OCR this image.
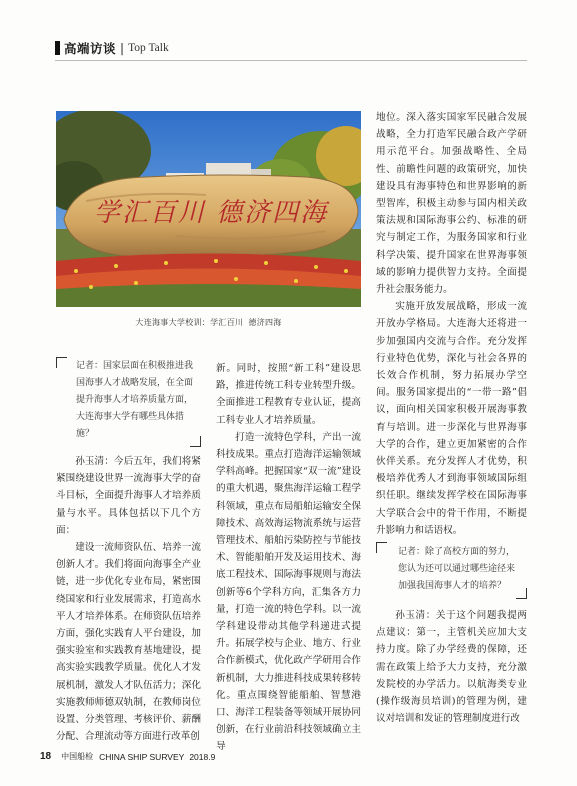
高端访谈 | Top Talk
学汇百川 德济四海
大连海事大学校训：学汇百川 德济四海
记者：国家层面在积极推进我国海事人才战略发展，在全面提升海事人才培养质量方面，大连海事大学有哪些具体措施？

孙玉清：今后五年，我们将紧紧围绕建设世界一流海事大学的奋斗目标，全面提升海事人才培养质量与水平。具体包括以下几个方面：

建设一流师资队伍、培养一流创新人才。我们将面向海事全产业链，进一步优化专业布局，紧密围绕国家和行业发展需求，打造高水平人才培养体系。在师资队伍培养方面，强化实践育人平台建设，加强实验室和实践教育基地建设，提高实验实践教学质量。优化人才发展机制，激发人才队伍活力；深化实施教师师德双轨制，在教师岗位设置、分类管理、考核评价、薪酬分配、合理流动等方面进行改革创

新。同时，按照“新工科”建设思路，推进传统工科专业转型升级。全面推进工程教育专业认证，提高工科专业人才培养质量。

打造一流特色学科，产出一流科技成果。重点打造海洋运输领域学科高峰。把握国家“双一流”建设的重大机遇，聚焦海洋运输工程学科领域，重点布局船舶运输安全保障技术、高效海运物流系统与运营管理技术、船舶污染防控与节能技术、智能船舶开发及运用技术、海底工程技术、国际海事规则与海法创新等6个学科方向，汇集各方力量，打造一流的特色学科。以一流学科建设带动其他学科递进式提升。拓展学校与企业、地方、行业合作新模式，优化政产学研用合作新机制，大力推进科技成果转移转化。重点围绕智能船舶、智慧港口、海洋工程装备等领域开展协同创新，在行业前沿科技领域确立主导

地位。深入落实国家军民融合发展战略，全力打造军民融合政产学研用示范平台。加强战略性、全局性、前瞻性问题的政策研究，加快建设具有海事特色和世界影响的新型智库，积极主动参与国内相关政策法规和国际海事公约、标准的研究与制定工作，为服务国家和行业科学决策、提升国家在世界海事领域的影响力提供智力支持。全面提升社会服务能力。

实施开放发展战略，形成一流开放办学格局。大连海大还将进一步加强国内交流与合作。充分发挥行业特色优势，深化与社会各界的长效合作机制，努力拓展办学空间。服务国家提出的“一带一路”倡议，面向相关国家积极开展海事教育与培训。进一步深化与世界海事大学的合作，建立更加紧密的合作伙伴关系。充分发挥人才优势，积极培养优秀人才到海事领域国际组织任职。继续发挥学校在国际海事大学联合会中的骨干作用，不断提升影响力和话语权。

记者：除了高校方面的努力，您认为还可以通过哪些途径来加强我国海事人才的培养？

孙玉清：关于这个问题我提两点建议：第一，主管机关应加大支持力度。除了办学经费的保障，还需在政策上给予大力支持，充分激发院校的办学活力。以航海类专业(操作级海员培训)的管理为例，建议对培训和发证的管理制度进行改

18 中国船检 CHINA SHIP SURVEY 2018.9
